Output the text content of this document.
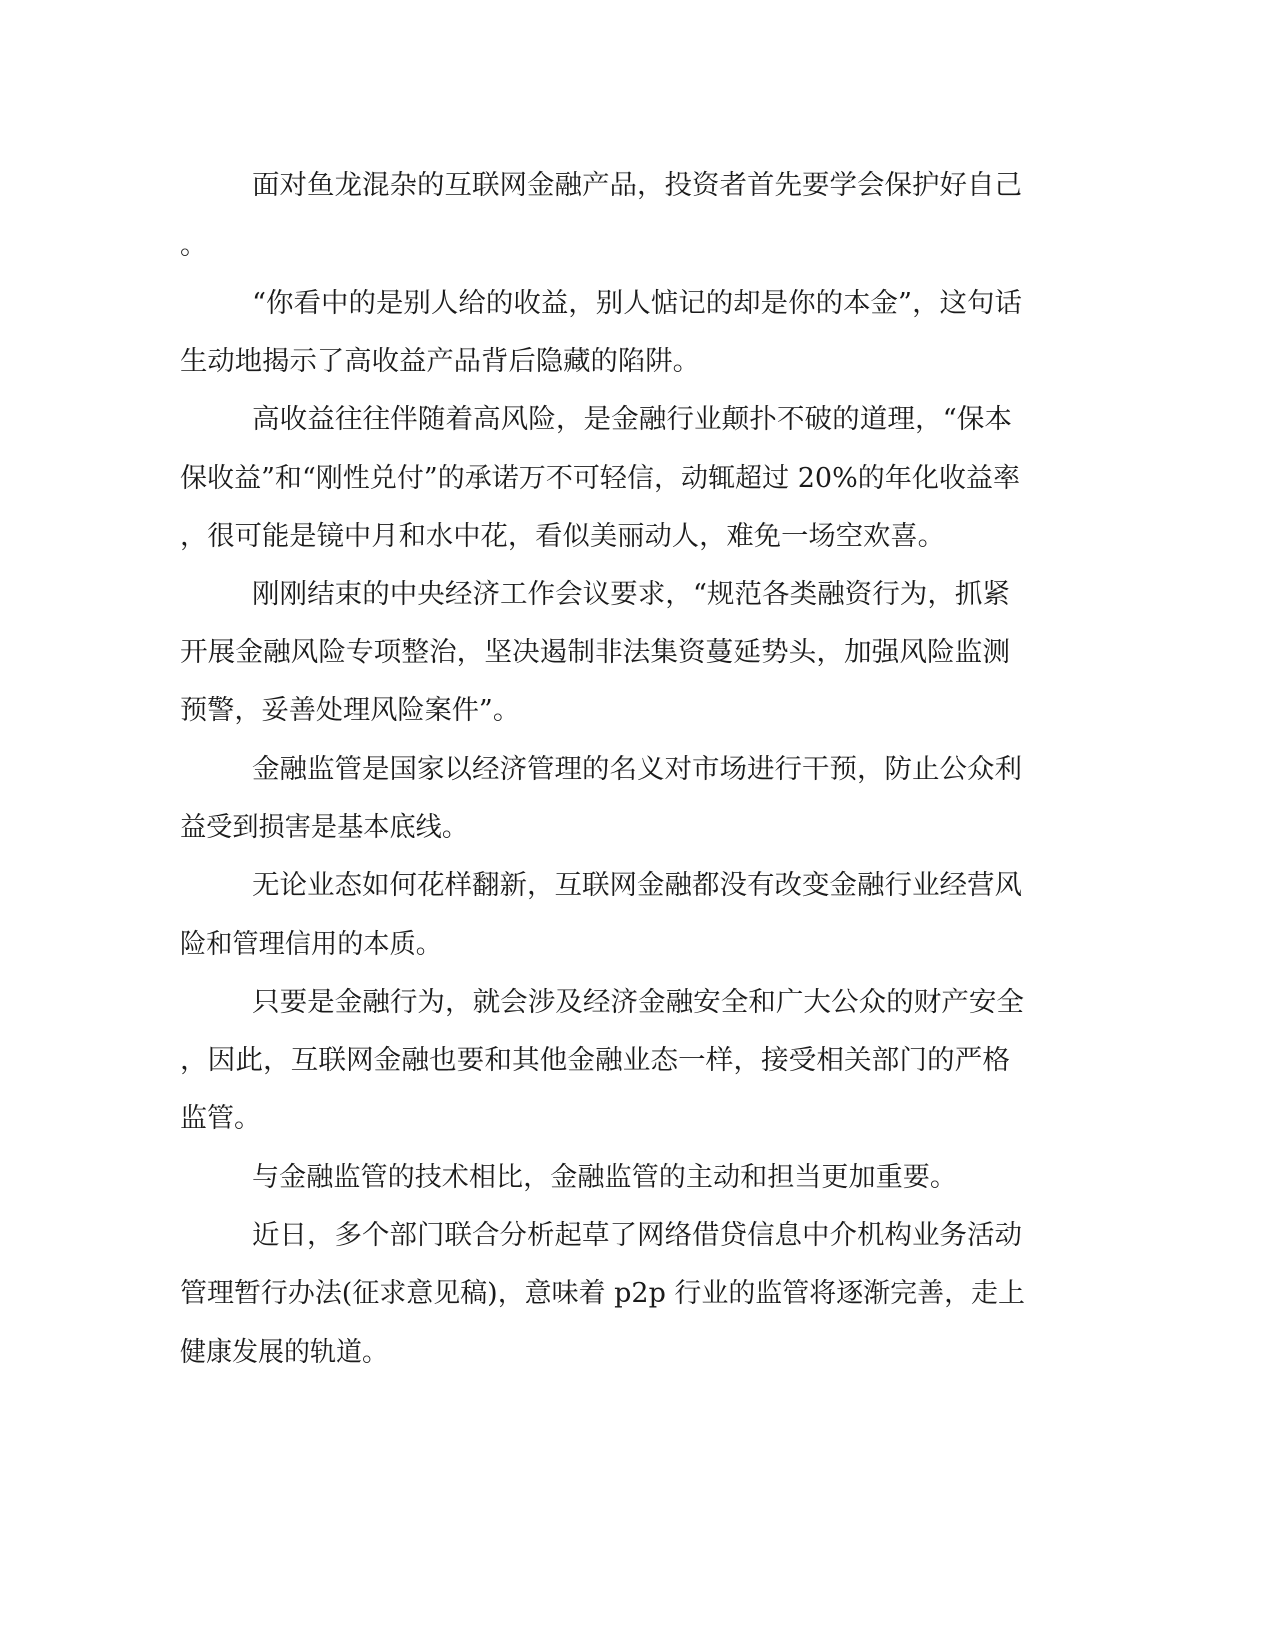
面对鱼龙混杂的互联网金融产品，投资者首先要学会保护好自己
。
“你看中的是别人给的收益，别人惦记的却是你的本金”，这句话
生动地揭示了高收益产品背后隐藏的陷阱。
高收益往往伴随着高风险，是金融行业颠扑不破的道理，“保本
保收益”和“刚性兑付”的承诺万不可轻信，动辄超过 20%的年化收益率
，很可能是镜中月和水中花，看似美丽动人，难免一场空欢喜。
刚刚结束的中央经济工作会议要求，“规范各类融资行为，抓紧
开展金融风险专项整治，坚决遏制非法集资蔓延势头，加强风险监测
预警，妥善处理风险案件”。
金融监管是国家以经济管理的名义对市场进行干预，防止公众利
益受到损害是基本底线。
无论业态如何花样翻新，互联网金融都没有改变金融行业经营风
险和管理信用的本质。
只要是金融行为，就会涉及经济金融安全和广大公众的财产安全
，因此，互联网金融也要和其他金融业态一样，接受相关部门的严格
监管。
与金融监管的技术相比，金融监管的主动和担当更加重要。
近日，多个部门联合分析起草了网络借贷信息中介机构业务活动
管理暂行办法(征求意见稿)，意味着 p2p 行业的监管将逐渐完善，走上
健康发展的轨道。
